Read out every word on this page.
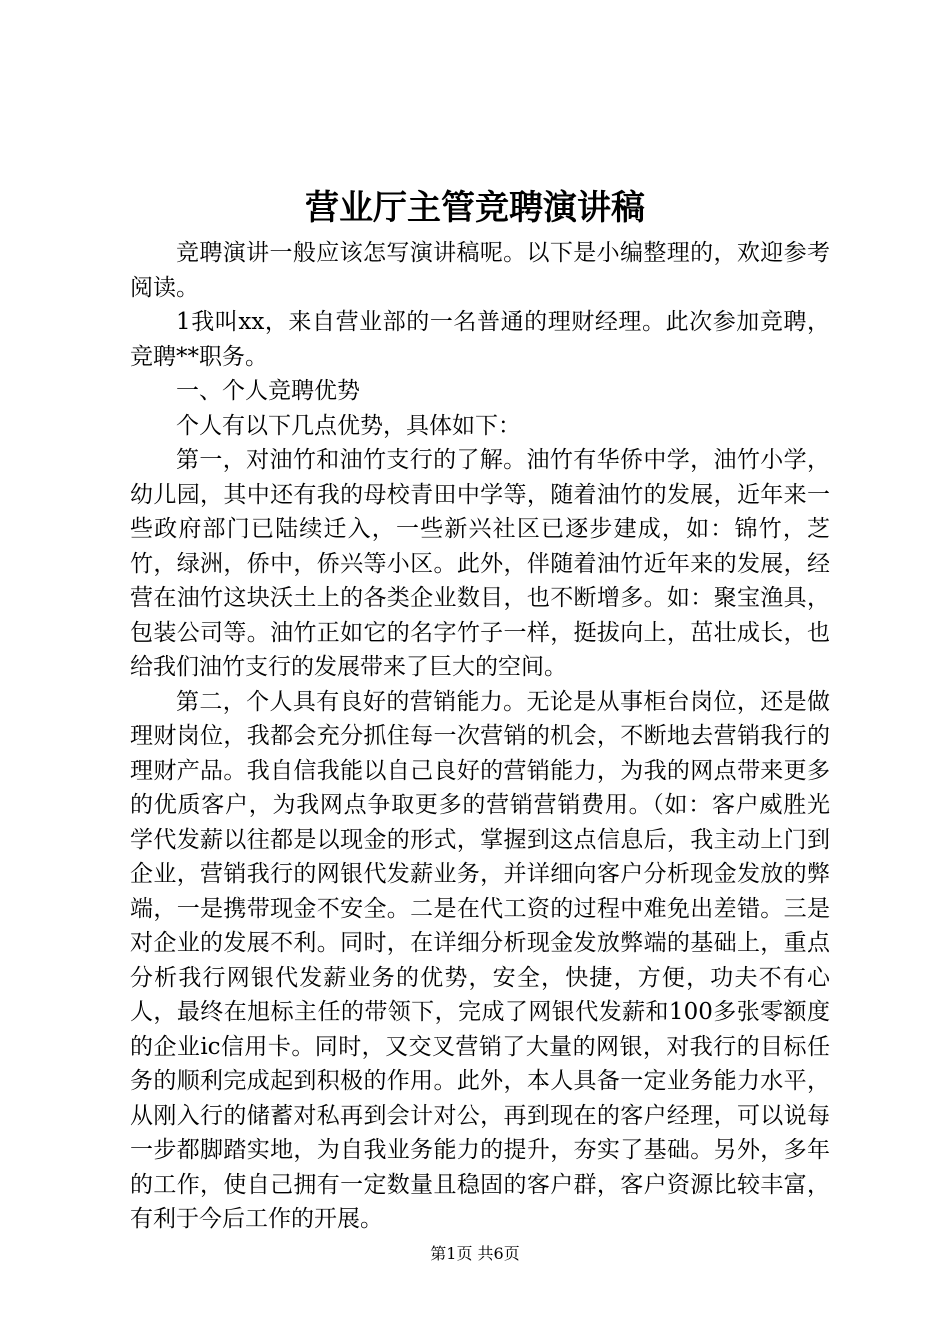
营业厅主管竞聘演讲稿

竞聘演讲一般应该怎写演讲稿呢。以下是小编整理的，欢迎参考阅读。

1我叫xx，来自营业部的一名普通的理财经理。此次参加竞聘，竞聘**职务。

一、个人竞聘优势

个人有以下几点优势，具体如下：

第一，对油竹和油竹支行的了解。油竹有华侨中学，油竹小学，幼儿园，其中还有我的母校青田中学等，随着油竹的发展，近年来一些政府部门已陆续迁入，一些新兴社区已逐步建成，如：锦竹，芝竹，绿洲，侨中，侨兴等小区。此外，伴随着油竹近年来的发展，经营在油竹这块沃土上的各类企业数目，也不断增多。如：聚宝渔具，包装公司等。油竹正如它的名字竹子一样，挺拔向上，茁壮成长，也给我们油竹支行的发展带来了巨大的空间。

第二，个人具有良好的营销能力。无论是从事柜台岗位，还是做理财岗位，我都会充分抓住每一次营销的机会，不断地去营销我行的理财产品。我自信我能以自己良好的营销能力，为我的网点带来更多的优质客户，为我网点争取更多的营销营销费用。（如：客户威胜光学代发薪以往都是以现金的形式，掌握到这点信息后，我主动上门到企业，营销我行的网银代发薪业务，并详细向客户分析现金发放的弊端，一是携带现金不安全。二是在代工资的过程中难免出差错。三是对企业的发展不利。同时，在详细分析现金发放弊端的基础上，重点分析我行网银代发薪业务的优势，安全，快捷，方便，功夫不有心人，最终在旭标主任的带领下，完成了网银代发薪和100多张零额度的企业ic信用卡。同时，又交叉营销了大量的网银，对我行的目标任务的顺利完成起到积极的作用。此外，本人具备一定业务能力水平，从刚入行的储蓄对私再到会计对公，再到现在的客户经理，可以说每一步都脚踏实地，为自我业务能力的提升，夯实了基础。另外，多年的工作，使自己拥有一定数量且稳固的客户群，客户资源比较丰富，有利于今后工作的开展。

第1页 共6页
